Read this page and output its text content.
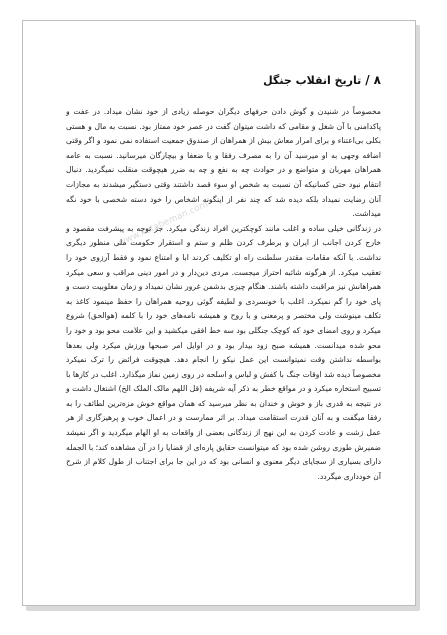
۸
/
تاریخ انقلاب جنگل

مخصوصاً در شنیدن و گوش دادن حرفهای دیگران حوصله زیادی از خود نشان میداد. در عفت و پاکدامنی با آن شغل و مقامی که داشت میتوان گفت در عصر خود ممتاز بود. نسبت به مال و هستی بکلی بی‌اعتناء و برای امرار معاش بیش از همراهان از صندوق جمعیت استفاده نمی نمود و اگر وقتی اضافه وجهی به او میرسید آن را به مصرف رفقا و یا ضعفا و بیچارگان میرسانید. نسبت به عامه همراهان مهربان و متواضع و در حوادث چه به نفع و چه به ضرر هیچوقت منقلب نمیگردید. دنبال انتقام نبود حتی کسانیکه آن نسبت به شخص او سوء قصد داشتند وقتی دستگیر میشدند به مجازات آنان رضایت نمیداد بلکه دیده شد که چند نفر از اینگونه اشخاص را خود دسته شخصی با خود نگه میداشت.

در زندگانی خیلی ساده و اغلب مانند کوچکترین افراد زندگی میکرد. جز توجه به پیشرفت مقصود و خارج کردن اجانب از ایران و برطرف کردن ظلم و ستم و استقرار حکومت ملی منظور دیگری نداشت. با آنکه مقامات مقتدر سلطنت راه او تکلیف کردند ابا و امتناع نمود و فقط آرزوی خود را تعقیب میکرد. از هرگونه شائبه احتراز میجست. مردی دین‌دار و در امور دینی مراقب و سعی میکرد همراهانش نیز مراقبت داشته باشند. هنگام چیزی بدشمن غرور نشان نمیداد و زمان مغلوبیت دست و پای خود را گم نمیکرد. اغلب با خونسردی و لطیفه گوئی روحیه همراهان را حفظ مینمود کاغذ به تکلف مینوشت ولی مختصر و پرمعنی و با روح و همیشه نامه‌های خود را با کلمه (هوالحق) شروع میکرد و روی امضای خود که کوچک جنگلی بود سه خط افقی میکشید و این علامت محو بود و خود را محو شده میدانست. همیشه صبح زود بیدار بود و در اوایل امر صبحها ورزش میکرد ولی بعدها بواسطه نداشتن وقت نمیتوانست این عمل نیکو را انجام دهد. هیچوقت فرائض را ترک نمیکرد مخصوصاً دیده شد اوقات جنگ با کفش و لباس و اسلحه در روی زمین نماز میگذارد. اغلب در کارها با تسبیح استخاره میکرد و در مواقع خطر به ذکر آیه شریفه (قل اللهم مالک الملک الخ) اشتغال داشت و در نتیجه به قدری باز و خوش و خندان به نظر میرسید که همان مواقع خوش مزه‌ترین لطائف را به رفقا میگفت و به آنان قدرت استقامت میداد. بر اثر ممارست و در اعمال خوب و پرهیزگاری از هر عمل زشت و عادت کردن به این نهج از زندگانی بعضی از واقعات به او الهام میگردید و اگر نمیشد ضمیرش طوری روشن شده بود که میتوانست حقایق پاره‌ای از قضایا را در آن مشاهده کند؛ با الجمله دارای بسیاری از سجایای دیگر معنوی و انسانی بود که در این جا برای اجتناب از طول کلام از شرح آن خودداری میگردد.

www.ketabeman.com
